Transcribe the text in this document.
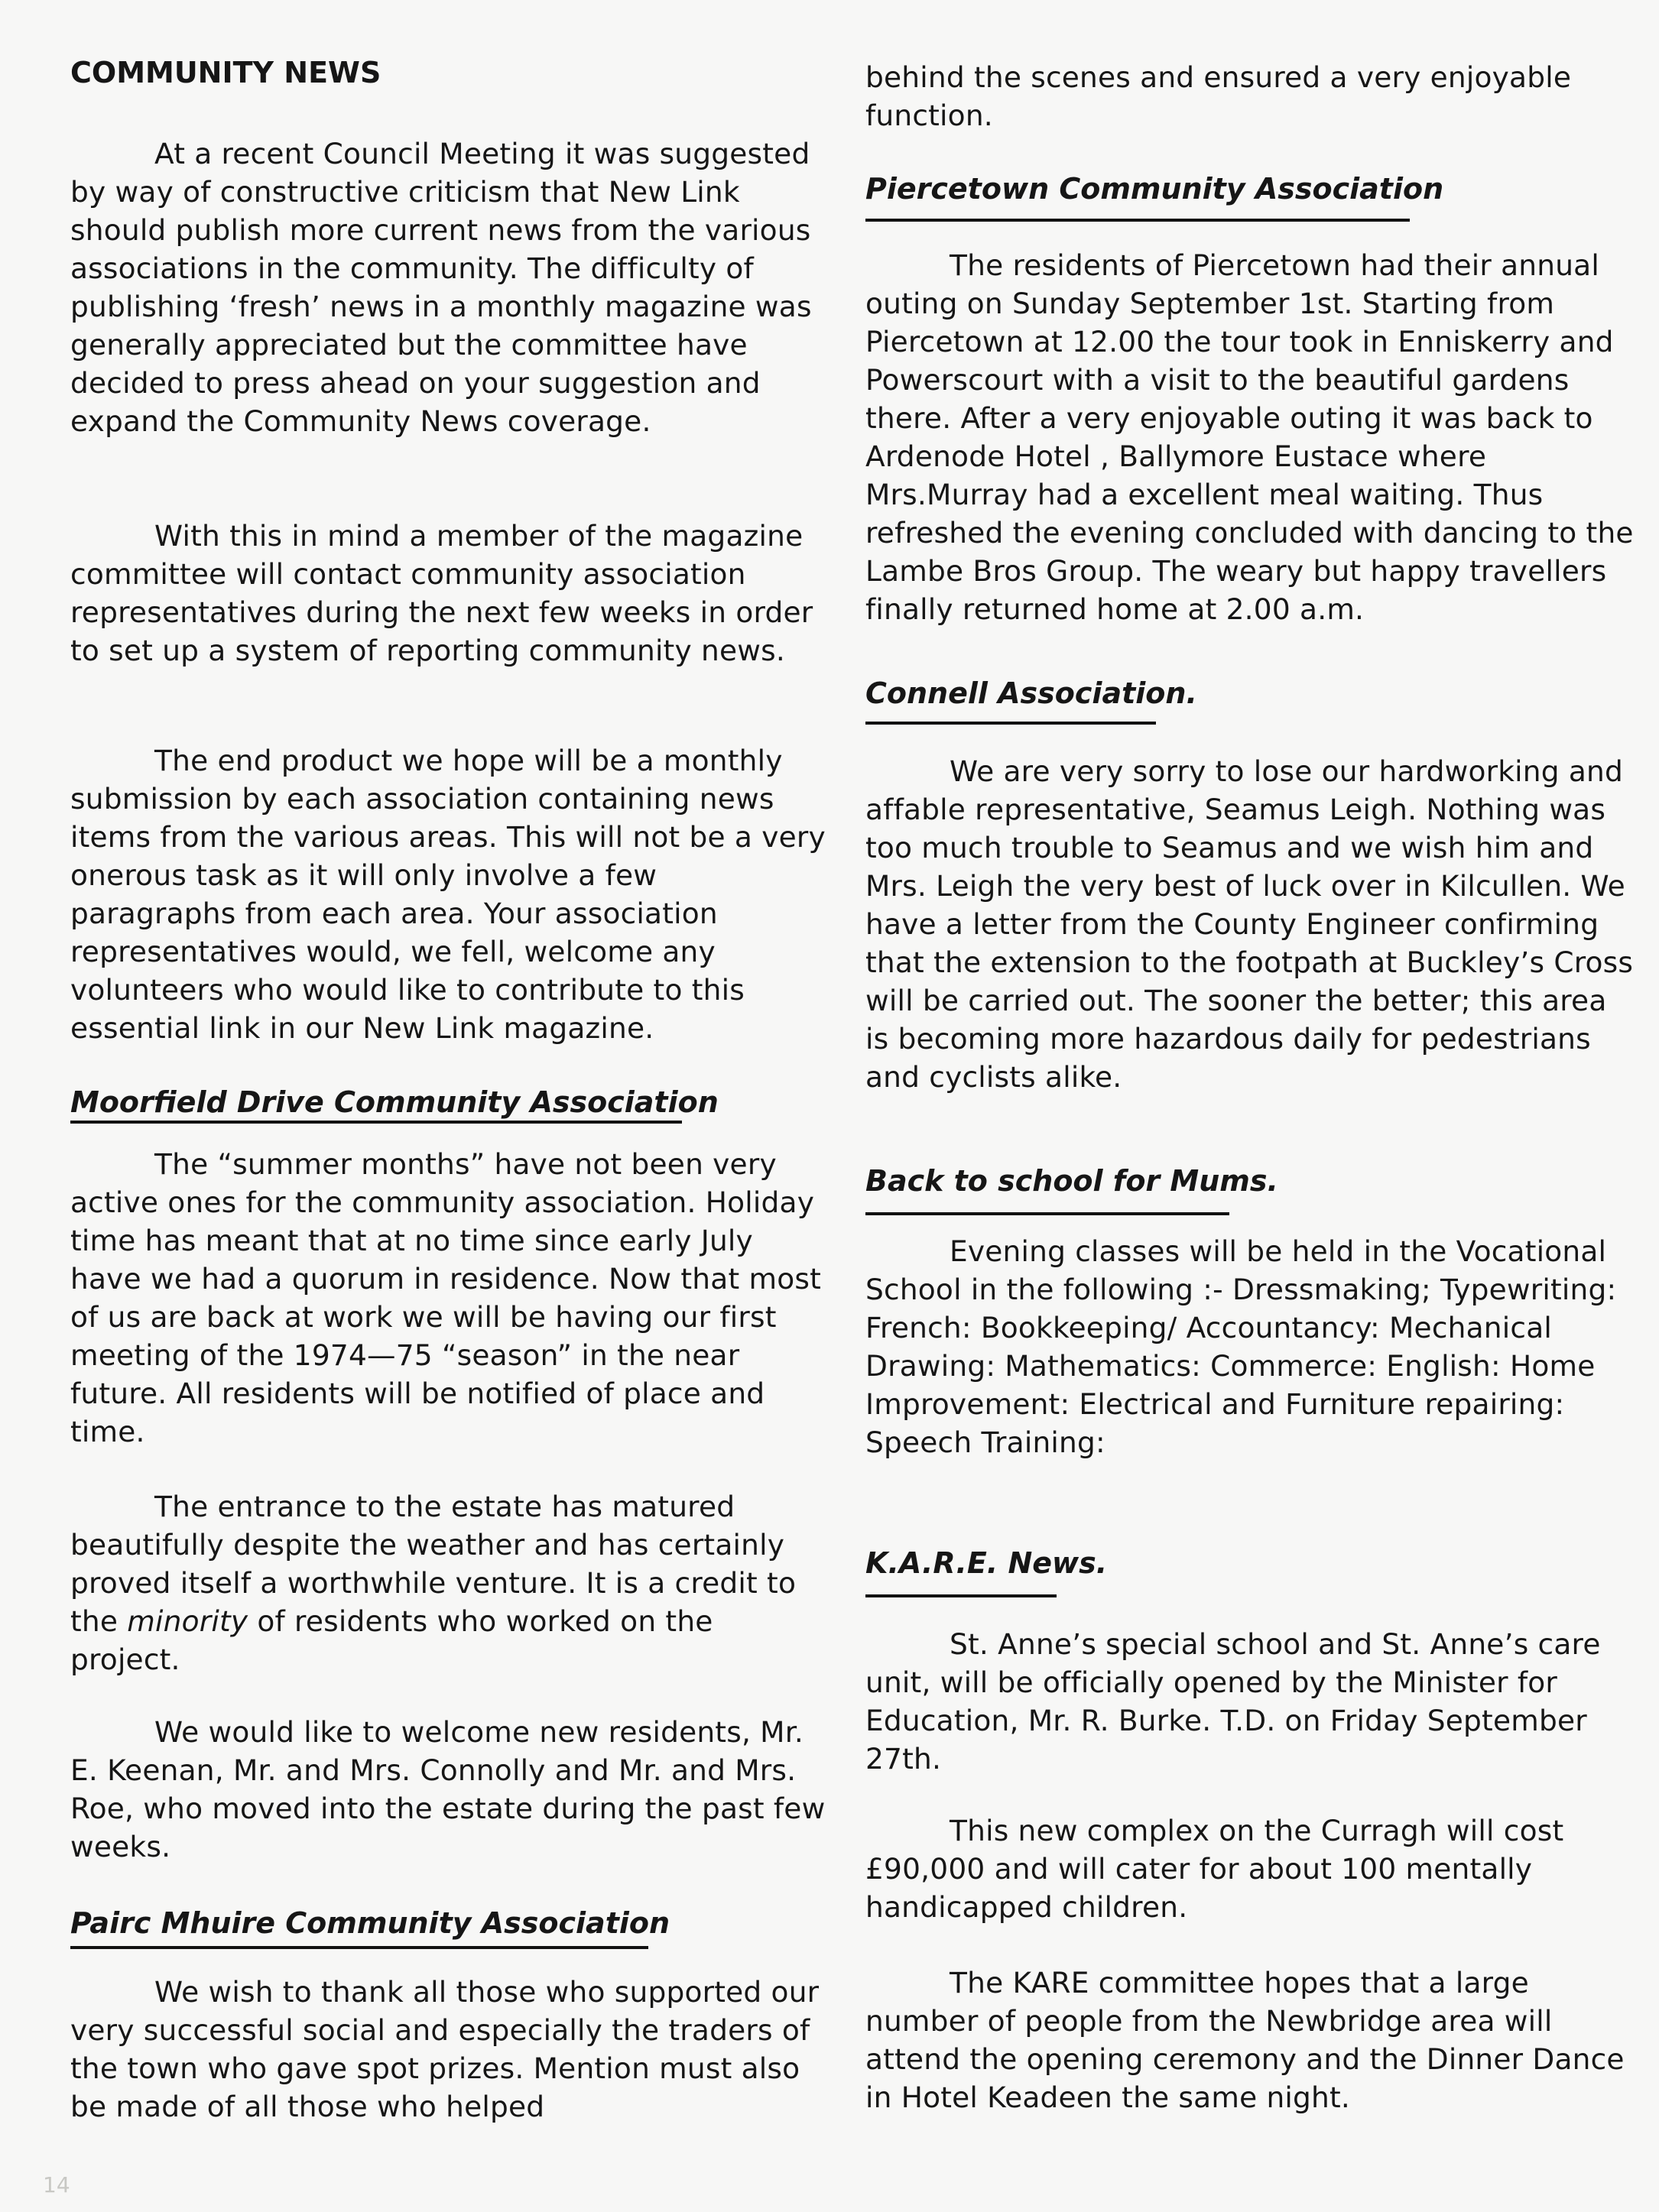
COMMUNITY NEWS

At a recent Council Meeting it was suggested by way of constructive criticism that New Link should publish more current news from the various associations in the community. The difficulty of publishing ‘fresh’ news in a monthly magazine was generally appreciated but the committee have decided to press ahead on your suggestion and expand the Community News coverage.

With this in mind a member of the magazine committee will contact community association representatives during the next few weeks in order to set up a system of reporting community news.

The end product we hope will be a monthly submission by each association containing news items from the various areas. This will not be a very onerous task as it will only involve a few paragraphs from each area. Your association representatives would, we fell, welcome any volunteers who would like to contribute to this essential link in our New Link magazine.

Moorfield Drive Community Association

The “summer months” have not been very active ones for the community association. Holiday time has meant that at no time since early July have we had a quorum in residence. Now that most of us are back at work we will be having our first meeting of the 1974—75 “season” in the near future. All residents will be notified of place and time.

The entrance to the estate has matured beautifully despite the weather and has certainly proved itself a worthwhile venture. It is a credit to the minority of residents who worked on the project.

We would like to welcome new residents, Mr. E. Keenan, Mr. and Mrs. Connolly and Mr. and Mrs. Roe, who moved into the estate during the past few weeks.

Pairc Mhuire Community Association

We wish to thank all those who supported our very successful social and especially the traders of the town who gave spot prizes. Mention must also be made of all those who helped

14

behind the scenes and ensured a very enjoyable function.

Piercetown Community Association

The residents of Piercetown had their annual outing on Sunday September 1st. Starting from Piercetown at 12.00 the tour took in Enniskerry and Powerscourt with a visit to the beautiful gardens there. After a very enjoyable outing it was back to Ardenode Hotel , Ballymore Eustace where Mrs.Murray had a excellent meal waiting. Thus refreshed the evening concluded with dancing to the Lambe Bros Group. The weary but happy travellers finally returned home at 2.00 a.m.

Connell Association.

We are very sorry to lose our hardworking and affable representative, Seamus Leigh. Nothing was too much trouble to Seamus and we wish him and Mrs. Leigh the very best of luck over in Kilcullen. We have a letter from the County Engineer confirming that the extension to the footpath at Buckley’s Cross will be carried out. The sooner the better; this area is becoming more hazardous daily for pedestrians and cyclists alike.

Back to school for Mums.

Evening classes will be held in the Vocational School in the following :- Dressmaking; Typewriting: French: Bookkeeping/ Accountancy: Mechanical Drawing: Mathematics: Commerce: English: Home Improvement: Electrical and Furniture repairing: Speech Training:

K.A.R.E. News.

St. Anne’s special school and St. Anne’s care unit, will be officially opened by the Minister for Education, Mr. R. Burke. T.D. on Friday September 27th.

This new complex on the Curragh will cost £90,000 and will cater for about 100 mentally handicapped children.

The KARE committee hopes that a large number of people from the Newbridge area will attend the opening ceremony and the Dinner Dance in Hotel Keadeen the same night.
